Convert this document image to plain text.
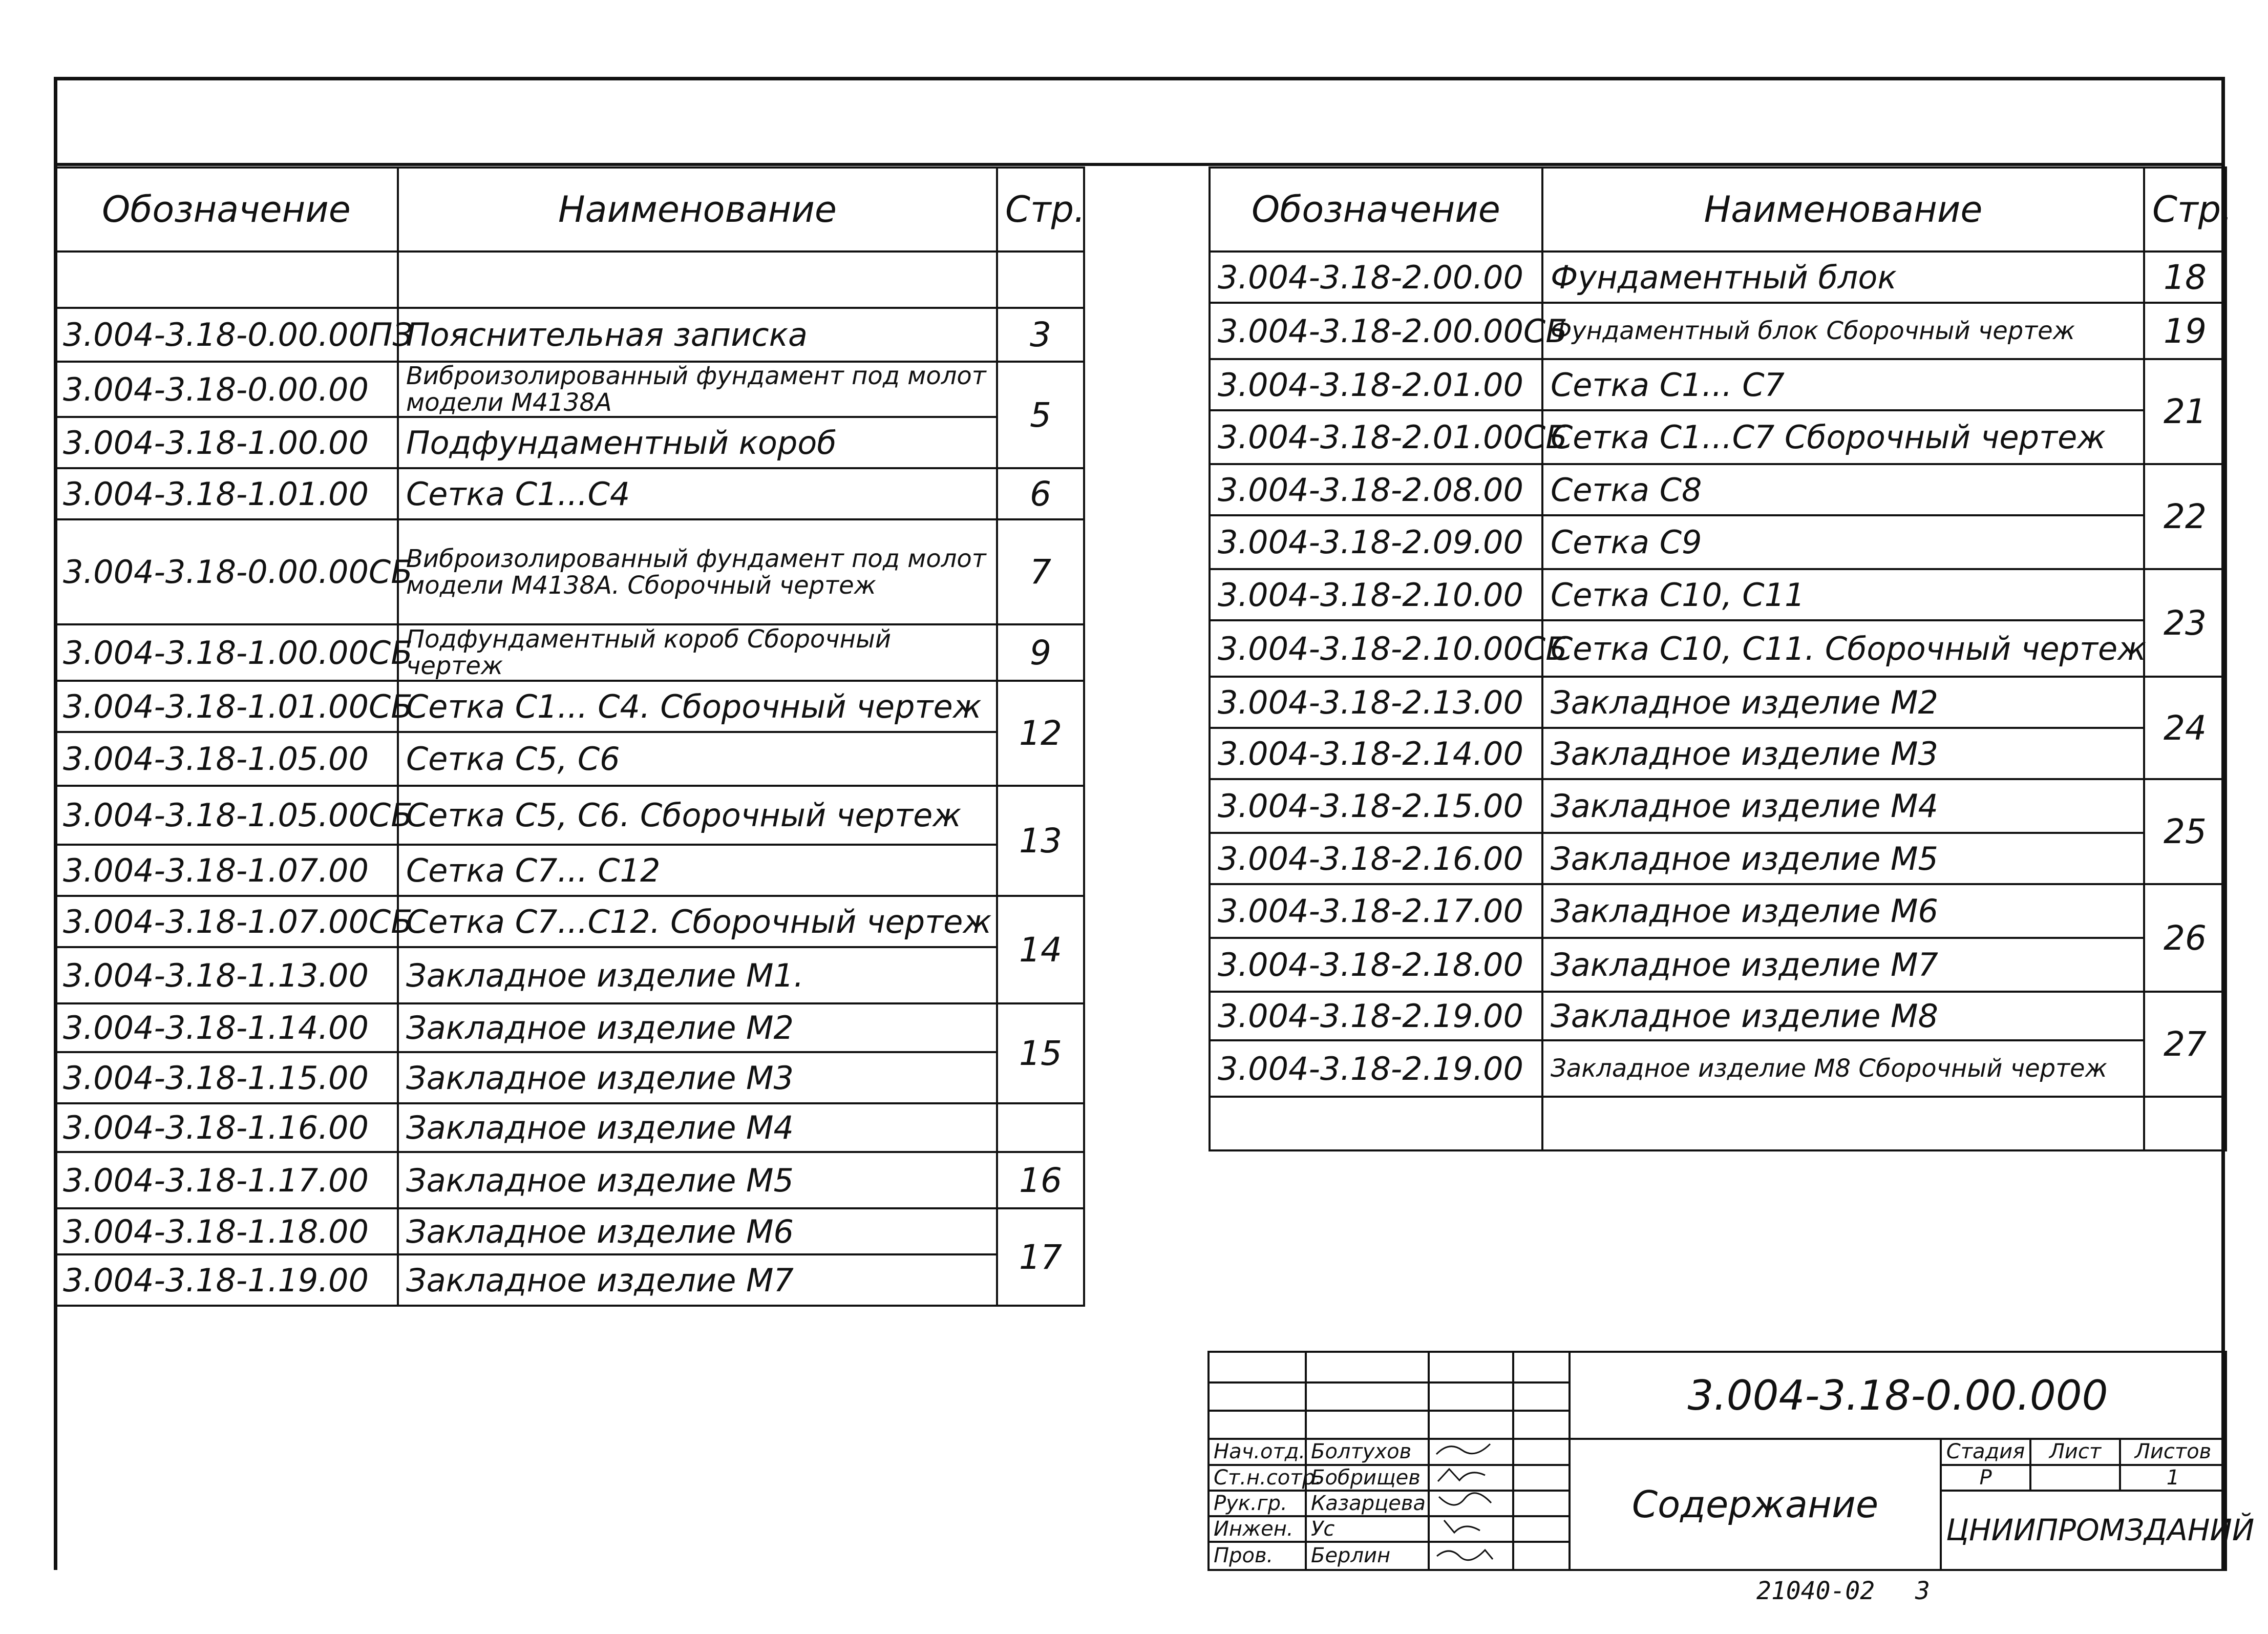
Обозначение	Наименование	Стр.

3.004-3.18-0.00.00ПЗ	Пояснительная записка	3
3.004-3.18-0.00.00	Виброизолированный фундамент под молот модели М4138А	5
3.004-3.18-1.00.00	Подфундаментный короб	
3.004-3.18-1.01.00	Сетка С1...С4	6
3.004-3.18-0.00.00СБ	Виброизолированный фундамент под молот модели М4138А. Сборочный чертеж	7
3.004-3.18-1.00.00СБ	Подфундаментный короб Сборочный чертеж	9
3.004-3.18-1.01.00СБ	Сетка С1... С4. Сборочный чертеж	12
3.004-3.18-1.05.00	Сетка С5, С6	
3.004-3.18-1.05.00СБ	Сетка С5, С6. Сборочный чертеж	13
3.004-3.18-1.07.00	Сетка С7... С12	
3.004-3.18-1.07.00СБ	Сетка С7...С12. Сборочный чертеж	14
3.004-3.18-1.13.00	Закладное изделие М1.	
3.004-3.18-1.14.00	Закладное изделие М2	15
3.004-3.18-1.15.00	Закладное изделие М3	
3.004-3.18-1.16.00	Закладное изделие М4	
3.004-3.18-1.17.00	Закладное изделие М5	16
3.004-3.18-1.18.00	Закладное изделие М6	17
3.004-3.18-1.19.00	Закладное изделие М7	
Обозначение	Наименование	Стр.
3.004-3.18-2.00.00	Фундаментный блок	18
3.004-3.18-2.00.00СБ	Фундаментный блок Сборочный чертеж	19
3.004-3.18-2.01.00	Сетка С1... С7	21
3.004-3.18-2.01.00СБ	Сетка С1...С7 Сборочный чертеж	
3.004-3.18-2.08.00	Сетка С8	22
3.004-3.18-2.09.00	Сетка С9	
3.004-3.18-2.10.00	Сетка С10, С11	23
3.004-3.18-2.10.00СБ	Сетка С10, С11. Сборочный чертеж	
3.004-3.18-2.13.00	Закладное изделие М2	24
3.004-3.18-2.14.00	Закладное изделие М3	
3.004-3.18-2.15.00	Закладное изделие М4	25
3.004-3.18-2.16.00	Закладное изделие М5	
3.004-3.18-2.17.00	Закладное изделие М6	26
3.004-3.18-2.18.00	Закладное изделие М7	
3.004-3.18-2.19.00	Закладное изделие М8	27
3.004-3.18-2.19.00	Закладное изделие М8 Сборочный чертеж	

				3.004-3.18-0.00.000			

Нач.отд.	Болтухов			Содержание	Стадия	Лист	Листов
Ст.н.сотр.	Бобрищев				Р		1
Рук.гр.	Казарцева				ЦНИИПРОМЗДАНИЙ		
Инжен.	Ус		
Пров.	Берлин		
21040-02 3
